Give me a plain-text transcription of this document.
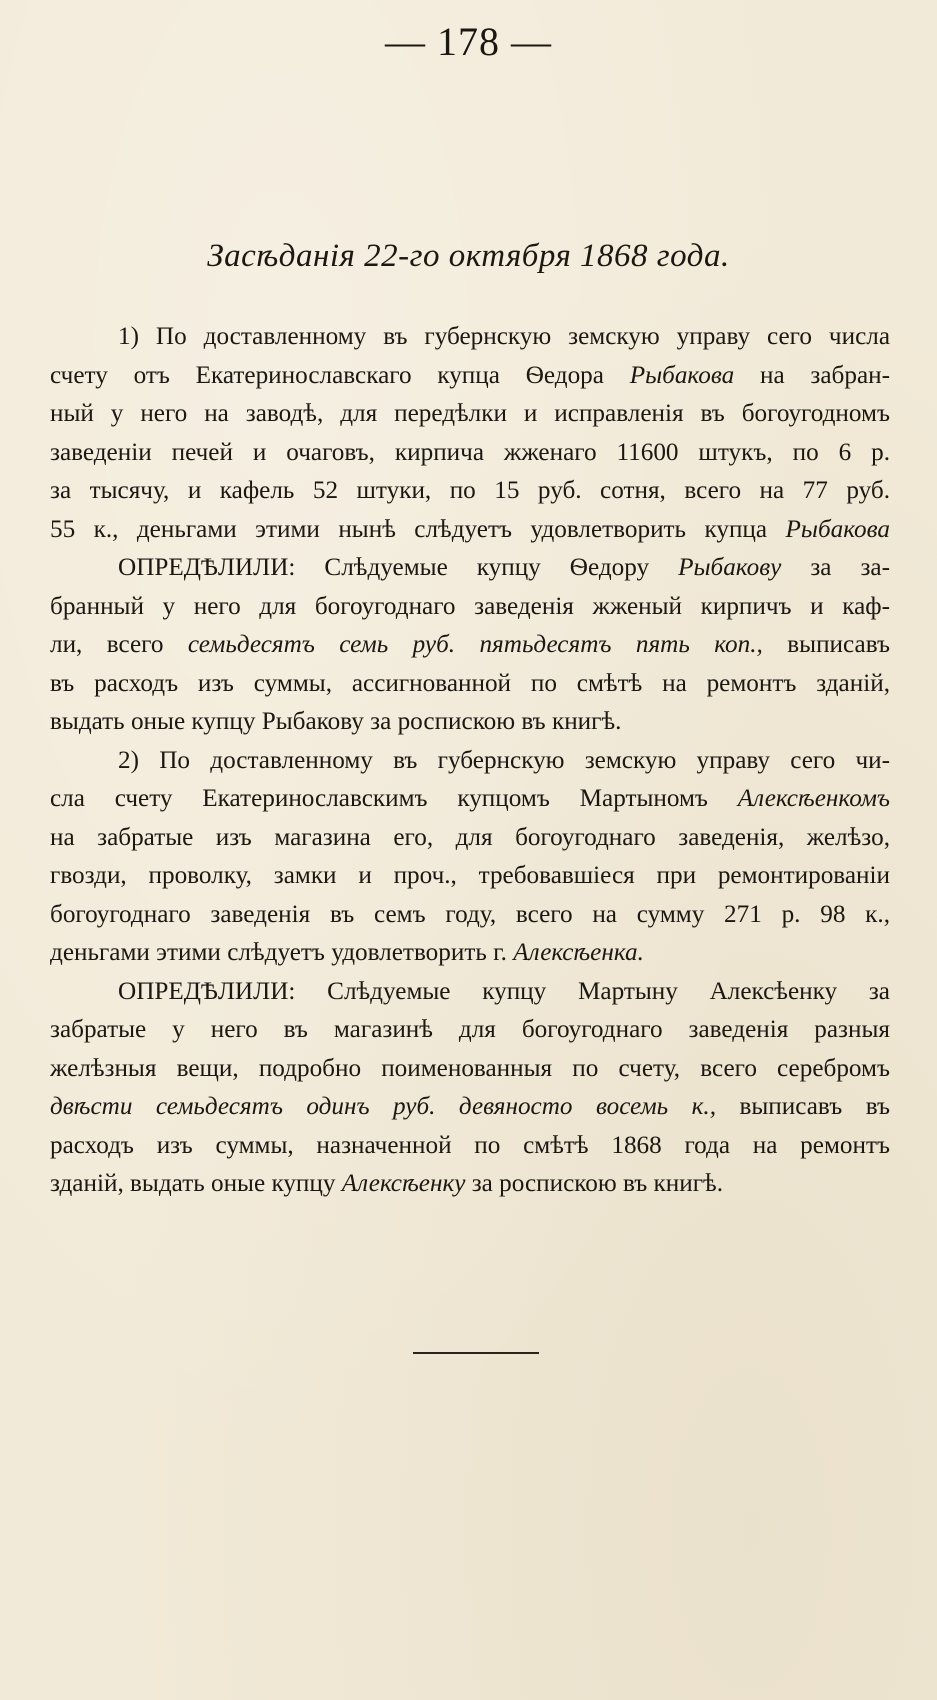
— 178 —
Засѣданія 22-го октября 1868 года.
1) По доставленному въ губернскую земскую управу сего числа
счету отъ Екатеринославскаго купца Ѳедора Рыбакова на забран-
ный у него на заводѣ, для передѣлки и исправленія въ богоугодномъ
заведеніи печей и очаговъ, кирпича жженаго 11600 штукъ, по 6 р.
за тысячу, и кафель 52 штуки, по 15 руб. сотня, всего на 77 руб.
55 к., деньгами этими нынѣ слѣдуетъ удовлетворить купца Рыбакова
ОПРЕДѢЛИЛИ: Слѣдуемые купцу Ѳедору Рыбакову за за-
бранный у него для богоугоднаго заведенія жженый кирпичъ и каф-
ли, всего семьдесятъ семь руб. пятьдесятъ пять коп., выписавъ
въ расходъ изъ суммы, ассигнованной по смѣтѣ на ремонтъ зданій,
выдать оные купцу Рыбакову за роспискою въ книгѣ.
2) По доставленному въ губернскую земскую управу сего чи-
сла счету Екатеринославскимъ купцомъ Мартыномъ Алексѣенкомъ
на забратые изъ магазина его, для богоугоднаго заведенія, желѣзо,
гвозди, проволку, замки и проч., требовавшіеся при ремонтированіи
богоугоднаго заведенія въ семъ году, всего на сумму 271 р. 98 к.,
деньгами этими слѣдуетъ удовлетворить г. Алексѣенка.
ОПРЕДѢЛИЛИ: Слѣдуемые купцу Мартыну Алексѣенку за
забратые у него въ магазинѣ для богоугоднаго заведенія разныя
желѣзныя вещи, подробно поименованныя по счету, всего серебромъ
двѣсти семьдесятъ одинъ руб. девяносто восемь к., выписавъ въ
расходъ изъ суммы, назначенной по смѣтѣ 1868 года на ремонтъ
зданій, выдать оные купцу Алексѣенку за роспискою въ книгѣ.
